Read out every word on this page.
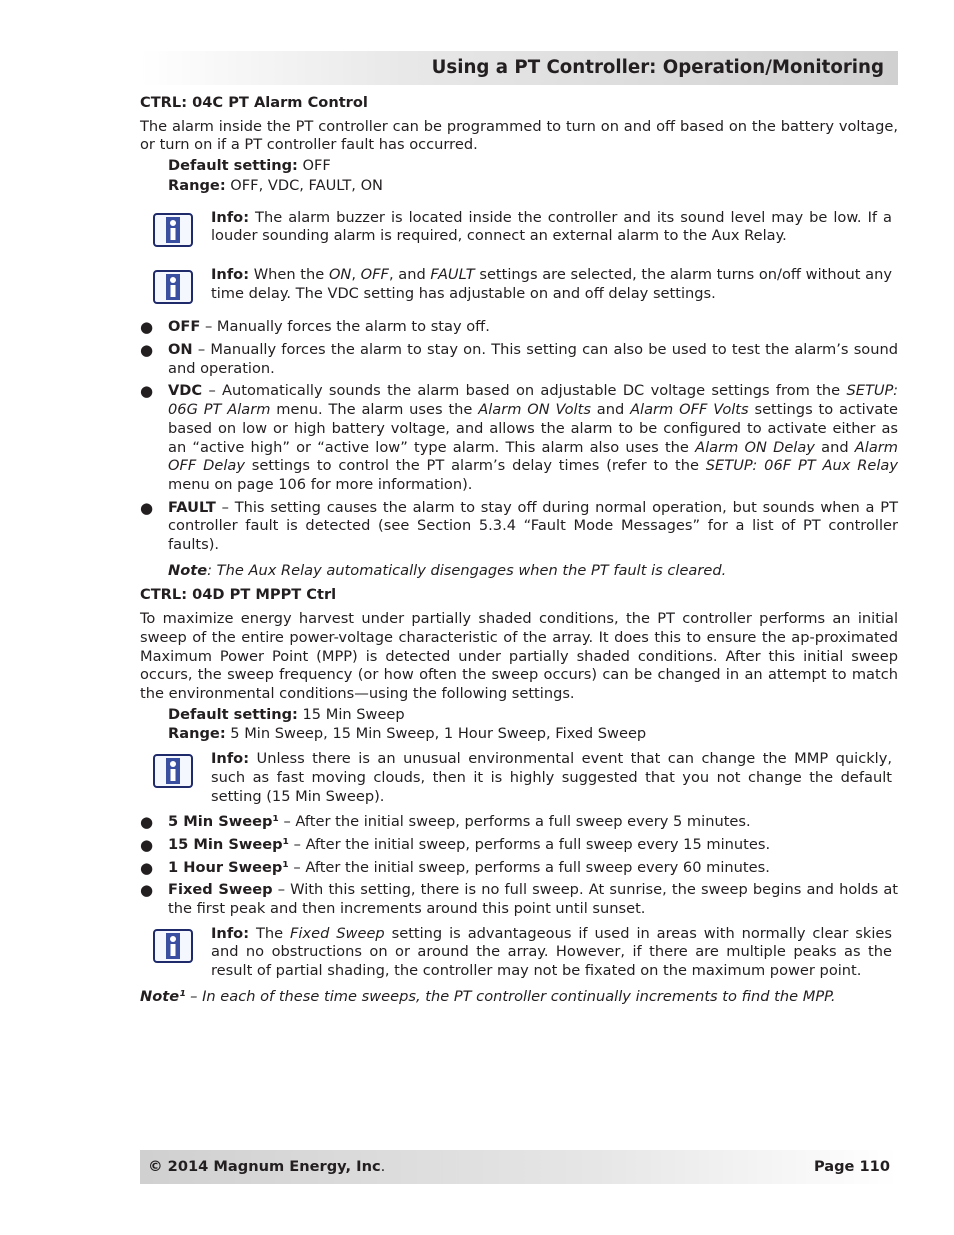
Using a PT Controller: Operation/Monitoring

CTRL: 04C PT Alarm Control

The alarm inside the PT controller can be programmed to turn on and off based on the battery voltage, or turn on if a PT controller fault has occurred.

Default setting: OFF

Range: OFF, VDC, FAULT, ON

Info: The alarm buzzer is located inside the controller and its sound level may be low. If a louder sounding alarm is required, connect an external alarm to the Aux Relay.
Info: When the ON, OFF, and FAULT settings are selected, the alarm turns on/off without any time delay. The VDC setting has adjustable on and off delay settings.
● OFF – Manually forces the alarm to stay off.
● ON – Manually forces the alarm to stay on. This setting can also be used to test the alarm’s sound and operation.
● VDC – Automatically sounds the alarm based on adjustable DC voltage settings from the SETUP: 06G PT Alarm menu. The alarm uses the Alarm ON Volts and Alarm OFF Volts settings to activate based on low or high battery voltage, and allows the alarm to be configured to activate either as an “active high” or “active low” type alarm. This alarm also uses the Alarm ON Delay and Alarm OFF Delay settings to control the PT alarm’s delay times (refer to the SETUP: 06F PT Aux Relay menu on page 106 for more information).
● FAULT – This setting causes the alarm to stay off during normal operation, but sounds when a PT controller fault is detected (see Section 5.3.4 “Fault Mode Messages” for a list of PT controller faults).

Note: The Aux Relay automatically disengages when the PT fault is cleared.

CTRL: 04D PT MPPT Ctrl

To maximize energy harvest under partially shaded conditions, the PT controller performs an initial sweep of the entire power-voltage characteristic of the array. It does this to ensure the ap-proximated Maximum Power Point (MPP) is detected under partially shaded conditions. After this initial sweep occurs, the sweep frequency (or how often the sweep occurs) can be changed in an attempt to match the environmental conditions—using the following settings.

Default setting: 15 Min Sweep

Range: 5 Min Sweep, 15 Min Sweep, 1 Hour Sweep, Fixed Sweep

Info: Unless there is an unusual environmental event that can change the MMP quickly, such as fast moving clouds, then it is highly suggested that you not change the default setting (15 Min Sweep).
● 5 Min Sweep¹ – After the initial sweep, performs a full sweep every 5 minutes.
● 15 Min Sweep¹ – After the initial sweep, performs a full sweep every 15 minutes.
● 1 Hour Sweep¹ – After the initial sweep, performs a full sweep every 60 minutes.
● Fixed Sweep – With this setting, there is no full sweep. At sunrise, the sweep begins and holds at the first peak and then increments around this point until sunset.
Info: The Fixed Sweep setting is advantageous if used in areas with normally clear skies and no obstructions on or around the array. However, if there are multiple peaks as the result of partial shading, the controller may not be fixated on the maximum power point.

Note¹ – In each of these time sweeps, the PT controller continually increments to find the MPP.

© 2014 Magnum Energy, Inc.	Page 110
